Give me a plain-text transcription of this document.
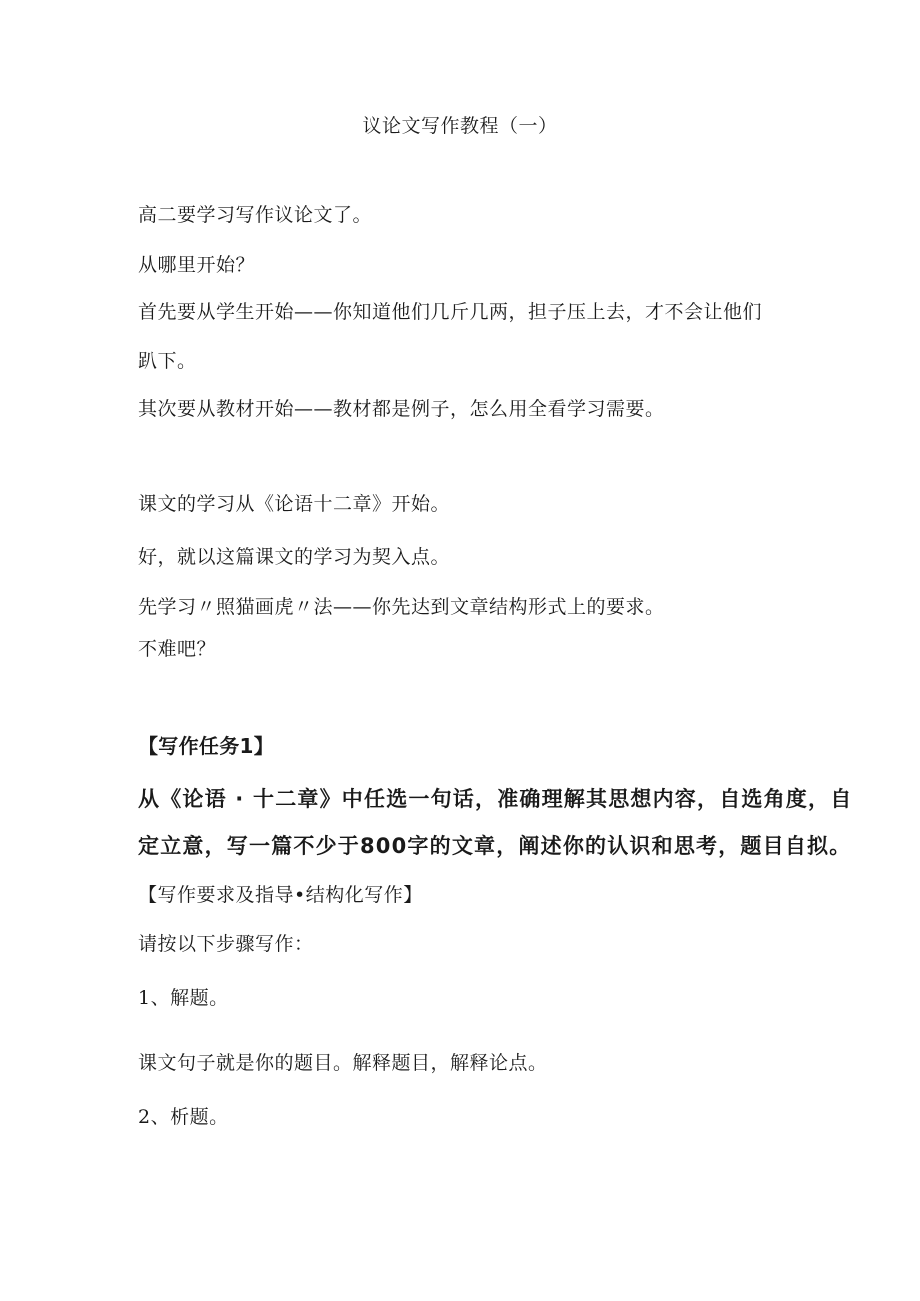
议论文写作教程（一）
高二要学习写作议论文了。
从哪里开始？
首先要从学生开始——你知道他们几斤几两，担子压上去，才不会让他们
趴下。
其次要从教材开始——教材都是例子，怎么用全看学习需要。
课文的学习从《论语十二章》开始。
好，就以这篇课文的学习为契入点。
先学习〃照猫画虎〃法——你先达到文章结构形式上的要求。
不难吧？
【写作任务1】
从《论语 · 十二章》中任选一句话，准确理解其思想内容，自选角度，自
定立意，写一篇不少于800字的文章，阐述你的认识和思考，题目自拟。
【写作要求及指导•结构化写作】
请按以下步骤写作：
1、解题。
课文句子就是你的题目。解释题目，解释论点。
2、析题。
